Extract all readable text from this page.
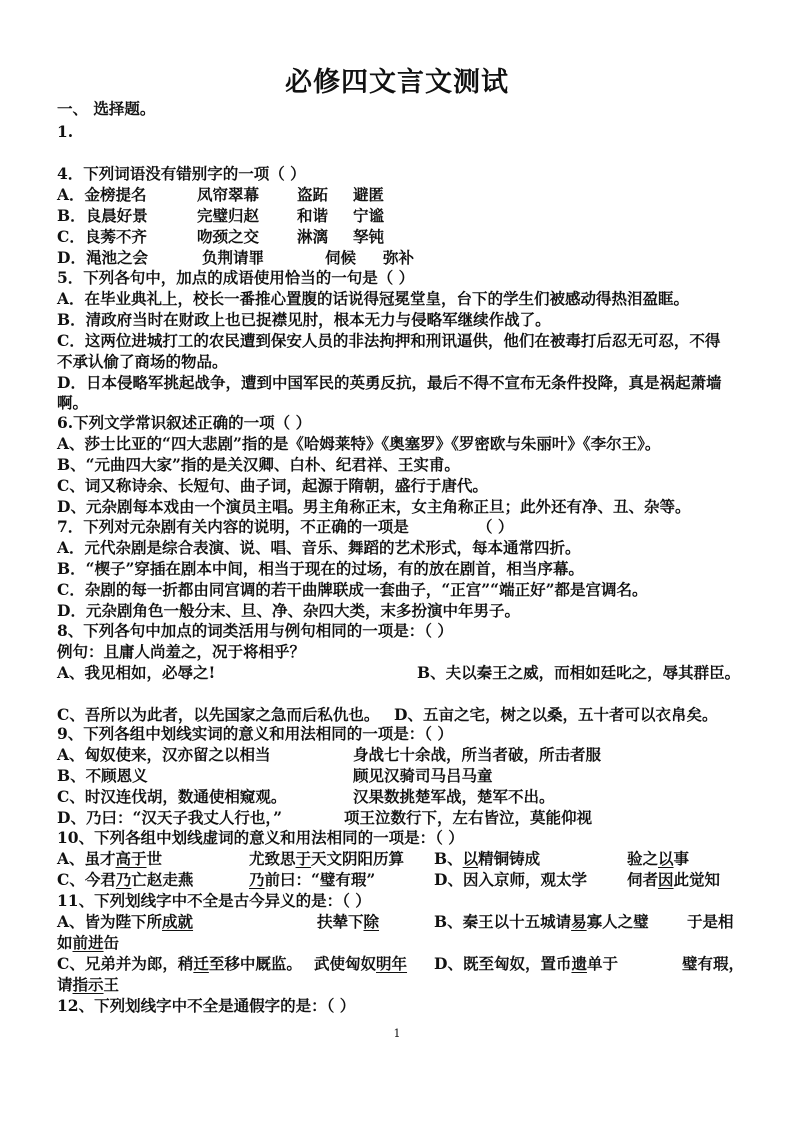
必修四文言文测试
一、 选择题。
1.
4．下列词语没有错别字的一项（ ）
A．金榜提名	凤帘翠幕 盗跖 避匿
B．良晨好景	完璧归赵 和谐 宁谧
C．良莠不齐	吻颈之交 淋漓 孥钝
D．渑池之会	负荆请罪	伺候 弥补
5．下列各句中，加点的成语使用恰当的一句是（ ）
A．在毕业典礼上，校长一番推心置腹的话说得冠冕堂皇，台下的学生们被感动得热泪盈眶。
B．清政府当时在财政上也已捉襟见肘，根本无力与侵略军继续作战了。
C．这两位进城打工的农民遭到保安人员的非法拘押和刑讯逼供，他们在被毒打后忍无可忍，不得
不承认偷了商场的物品。
D．日本侵略军挑起战争，遭到中国军民的英勇反抗，最后不得不宣布无条件投降，真是祸起萧墙
啊。
6.下列文学常识叙述正确的一项（ ）
A、莎士比亚的“四大悲剧”指的是《哈姆莱特》《奥塞罗》《罗密欧与朱丽叶》《李尔王》。
B、“元曲四大家”指的是关汉卿、白朴、纪君祥、王实甫。
C、词又称诗余、长短句、曲子词，起源于隋朝，盛行于唐代。
D、元杂剧每本戏由一个演员主唱。男主角称正末，女主角称正旦；此外还有净、丑、杂等。
7．下列对元杂剧有关内容的说明，不正确的一项是	（ ）
A．元代杂剧是综合表演、说、唱、音乐、舞蹈的艺术形式，每本通常四折。
B．“楔子”穿插在剧本中间，相当于现在的过场，有的放在剧首，相当序幕。
C．杂剧的每一折都由同宫调的若干曲牌联成一套曲子，“正宫”“端正好”都是宫调名。
D．元杂剧角色一般分末、旦、净、杂四大类，末多扮演中年男子。
8、下列各句中加点的词类活用与例句相同的一项是：（ ）
例句：且庸人尚羞之，况于将相乎？
A、我见相如，必辱之!	B、夫以秦王之威，而相如廷叱之，辱其群臣。
C、吾所以为此者，以先国家之急而后私仇也。 D、五亩之宅，树之以桑，五十者可以衣帛矣。
9、下列各组中划线实词的意义和用法相同的一项是：（ ）
A、匈奴使来，汉亦留之以相当	身战七十余战，所当者破，所击者服
B、不顾恩义	顾见汉骑司马吕马童
C、时汉连伐胡，数通使相窥观。	汉果数挑楚军战，楚军不出。
D、乃曰：“汉天子我丈人行也，”	项王泣数行下，左右皆泣，莫能仰视
10、下列各组中划线虚词的意义和用法相同的一项是：（ ）
A、虽才高于世	尤致思于天文阴阳历算 B、以精铜铸成	验之以事
C、今君乃亡赵走燕	乃前曰：“璧有瑕”	D、因入京师，观太学	伺者因此觉知
11、下列划线字中不全是古今异义的是：（ ）
A、皆为陛下所成就	扶辇下除	B、秦王以十五城请易寡人之璧 于是相
如前进缶
C、兄弟并为郎，稍迁至移中厩监。 武使匈奴明年 D、既至匈奴，置币遗单于	璧有瑕，
请指示王
12、下列划线字中不全是通假字的是：（ ）
1
